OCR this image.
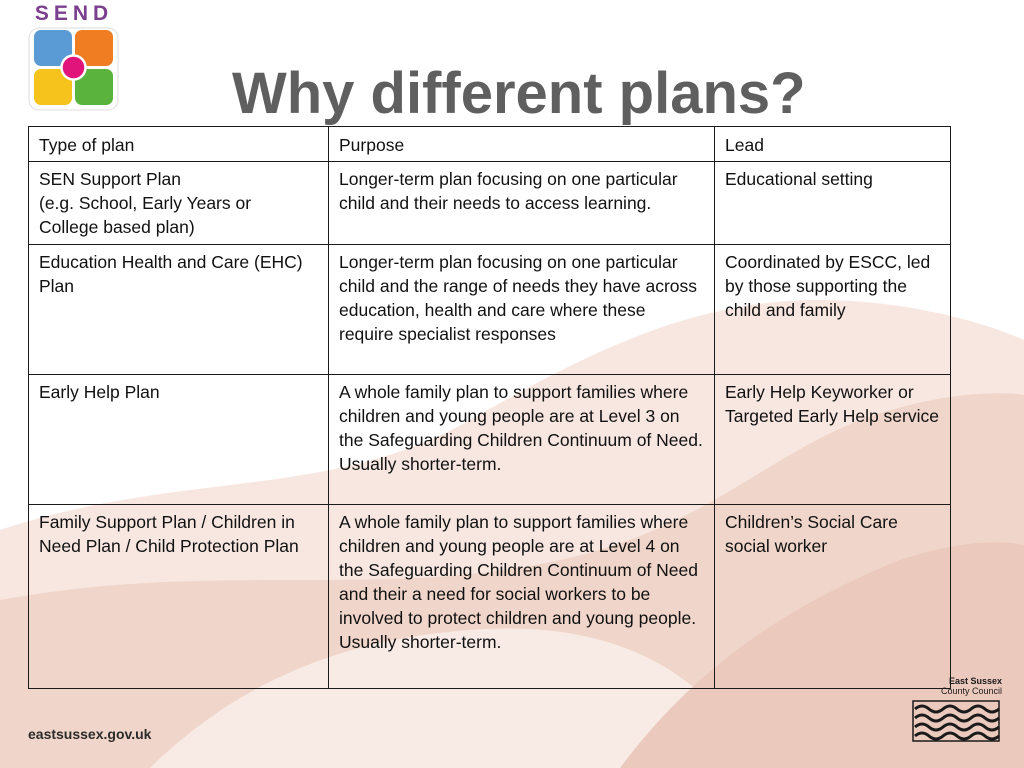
SEND
Why different plans?
Type of plan	Purpose	Lead
SEN Support Plan
(e.g. School, Early Years or
College based plan)	Longer-term plan focusing on one particular child and their needs to access learning.	Educational setting
Education Health and Care (EHC) Plan	Longer-term plan focusing on one particular child and the range of needs they have across education, health and care where these require specialist responses	Coordinated by ESCC, led by those supporting the child and family
Early Help Plan	A whole family plan to support families where children and young people are at Level 3 on the Safeguarding Children Continuum of Need. Usually shorter-term.	Early Help Keyworker or Targeted Early Help service
Family Support Plan / Children in Need Plan / Child Protection Plan	A whole family plan to support families where children and young people are at Level 4 on the Safeguarding Children Continuum of Need and their a need for social workers to be involved to protect children and young people. Usually shorter-term.	Children’s Social Care social worker
eastsussex.gov.uk
East Sussex
County Council
